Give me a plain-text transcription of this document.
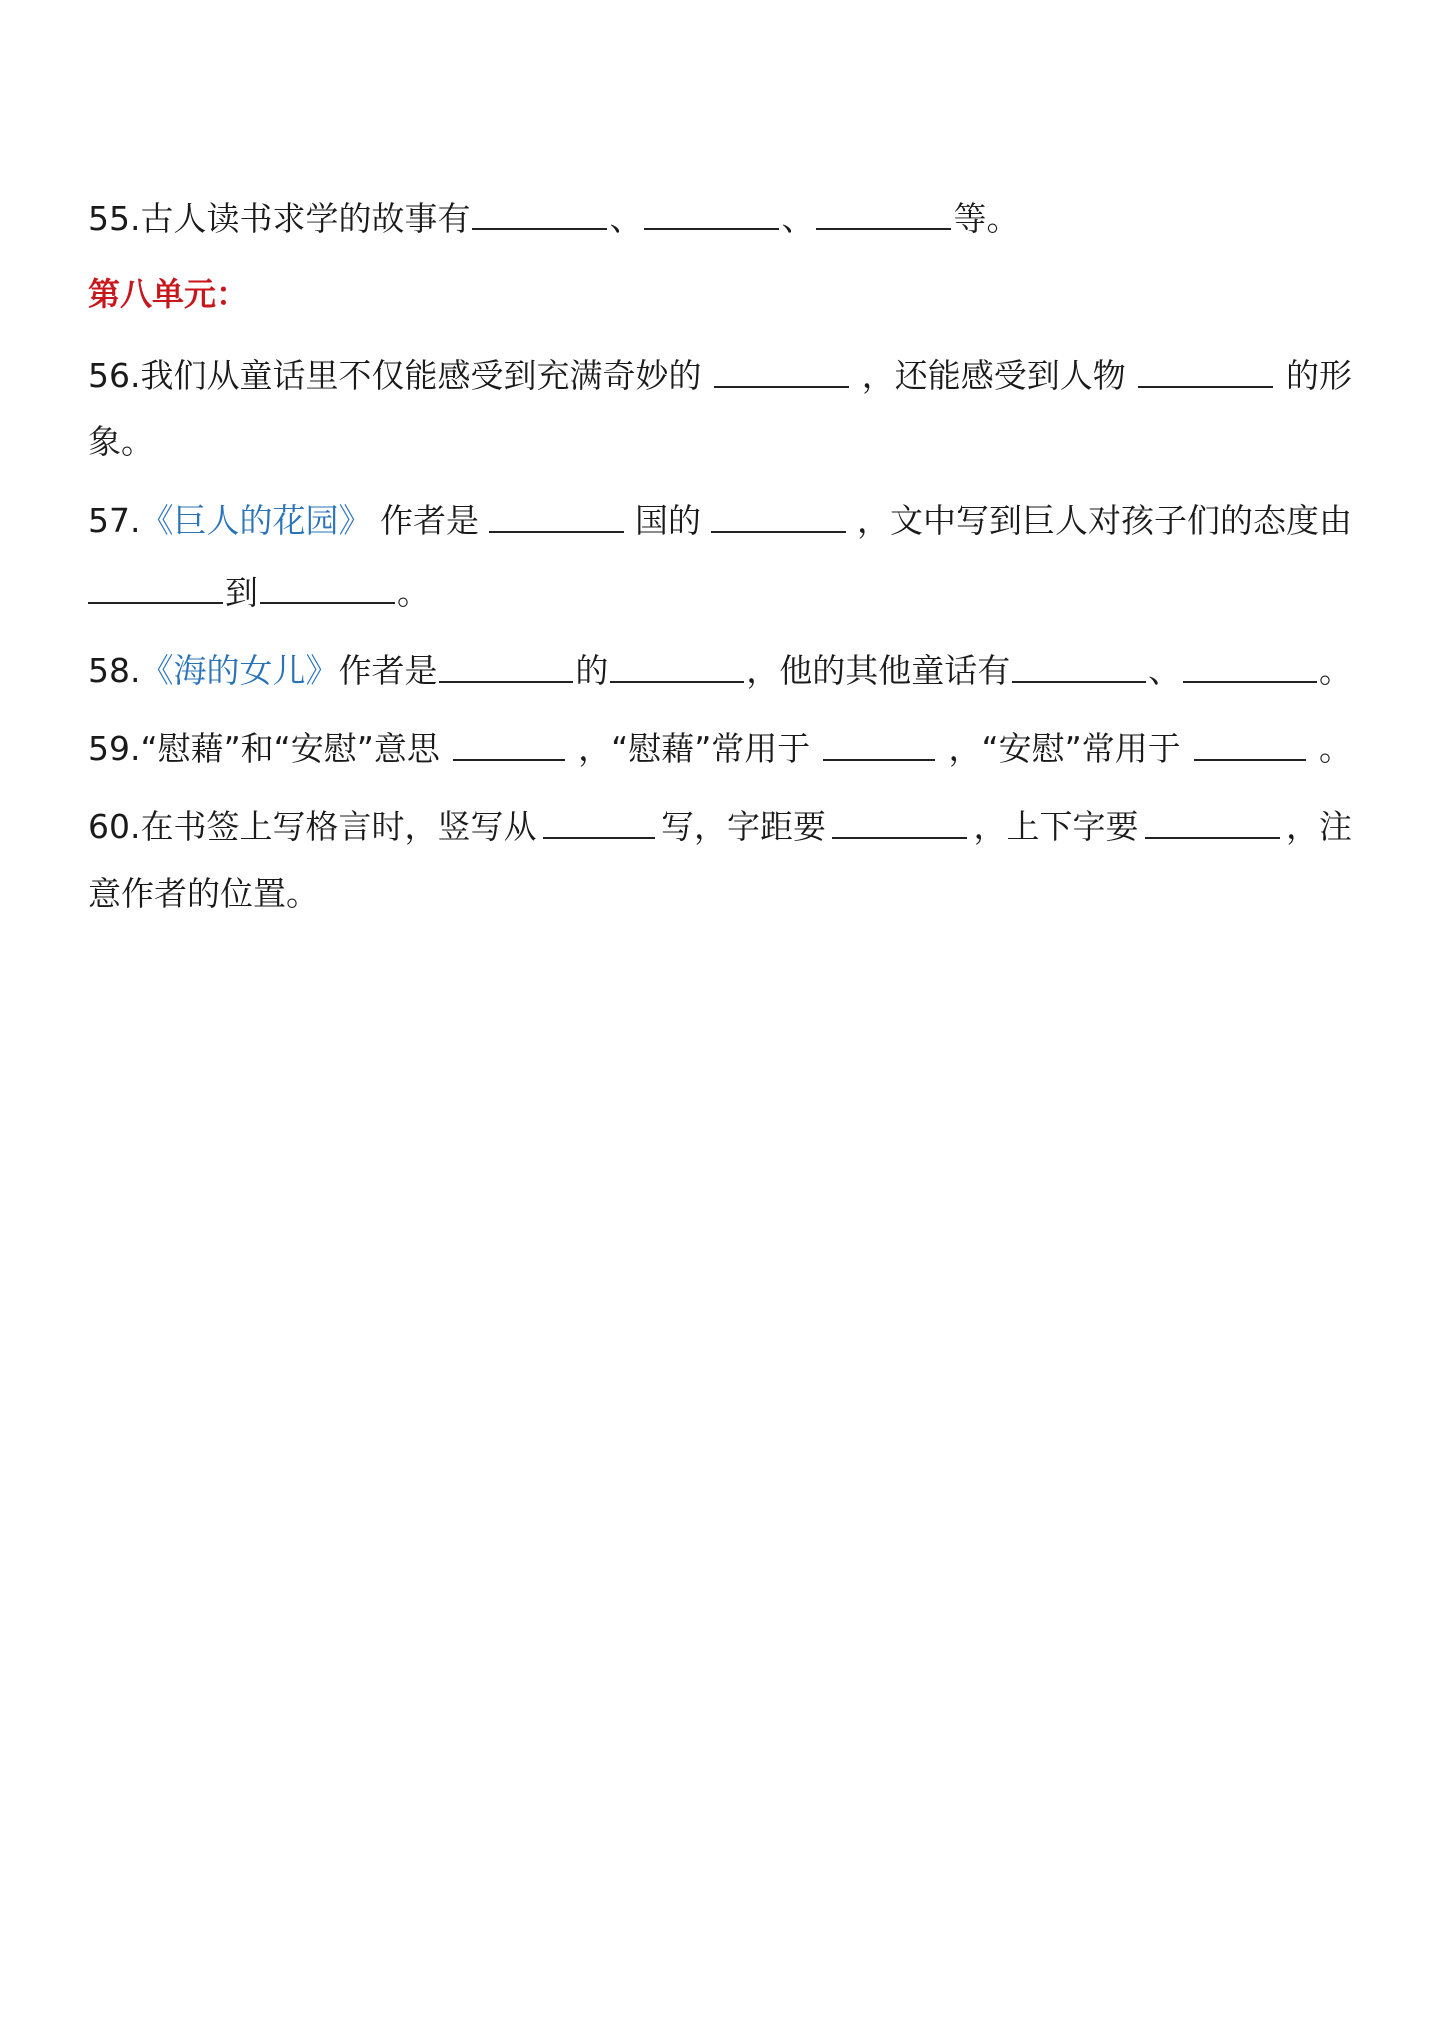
55.古人读书求学的故事有	、	、	等。
第八单元：
56.我们从童话里不仅能感受到充满奇妙的	，还能感受到人物	的形
象。
57.《巨人的花园》 作者是	国的	，文中写到巨人对孩子们的态度由
到	。
58.《海的女儿》 作者是	的	，他的其他童话有	、	。
59.“慰藉”和“安慰”意思	，“慰藉”常用于	，“安慰”常用于	。
60.在书签上写格言时，竖写从	写，字距要	，上下字要	，注
意作者的位置。
